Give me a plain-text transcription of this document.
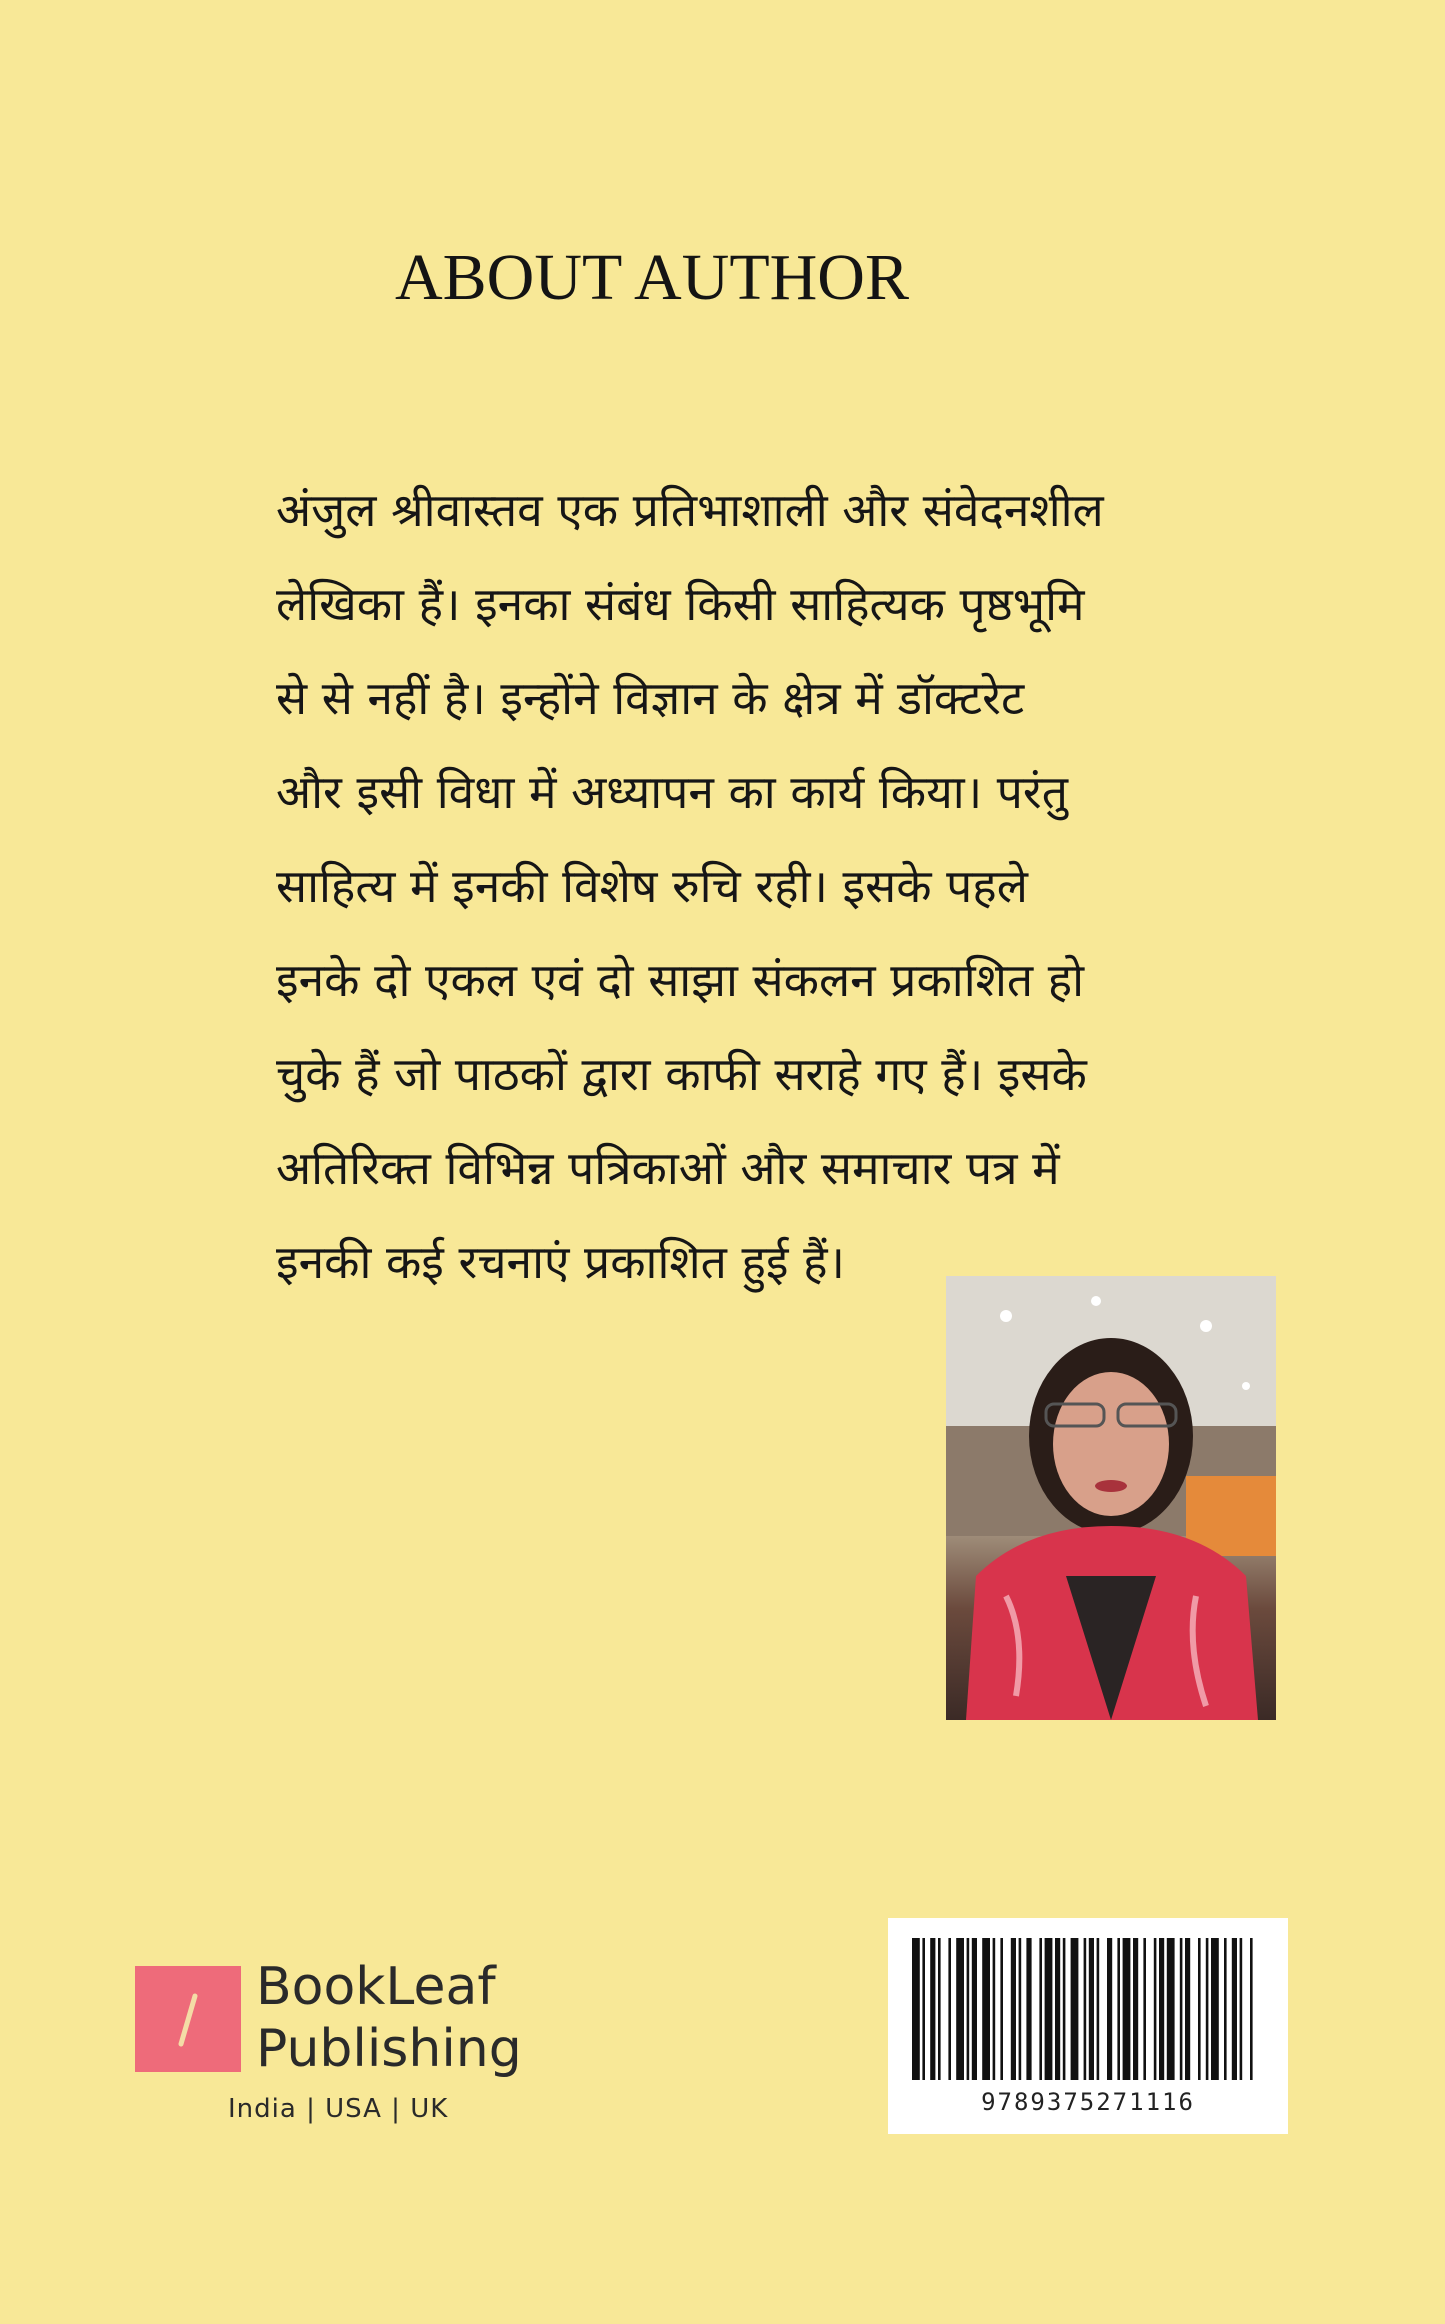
ABOUT AUTHOR
अंजुल श्रीवास्तव एक प्रतिभाशाली और संवेदनशील
लेखिका हैं। इनका संबंध किसी साहित्यक पृष्ठभूमि
से से नहीं है। इन्होंने विज्ञान के क्षेत्र में डॉक्टरेट
और इसी विधा में अध्यापन का कार्य किया। परंतु
साहित्य में इनकी विशेष रुचि रही। इसके पहले
इनके दो एकल एवं दो साझा संकलन प्रकाशित हो
चुके हैं जो पाठकों द्वारा काफी सराहे गए हैं। इसके
अतिरिक्त विभिन्न पत्रिकाओं और समाचार पत्र में
इनकी कई रचनाएं प्रकाशित हुई हैं।
9789375271116
BookLeaf
Publishing
India | USA | UK
